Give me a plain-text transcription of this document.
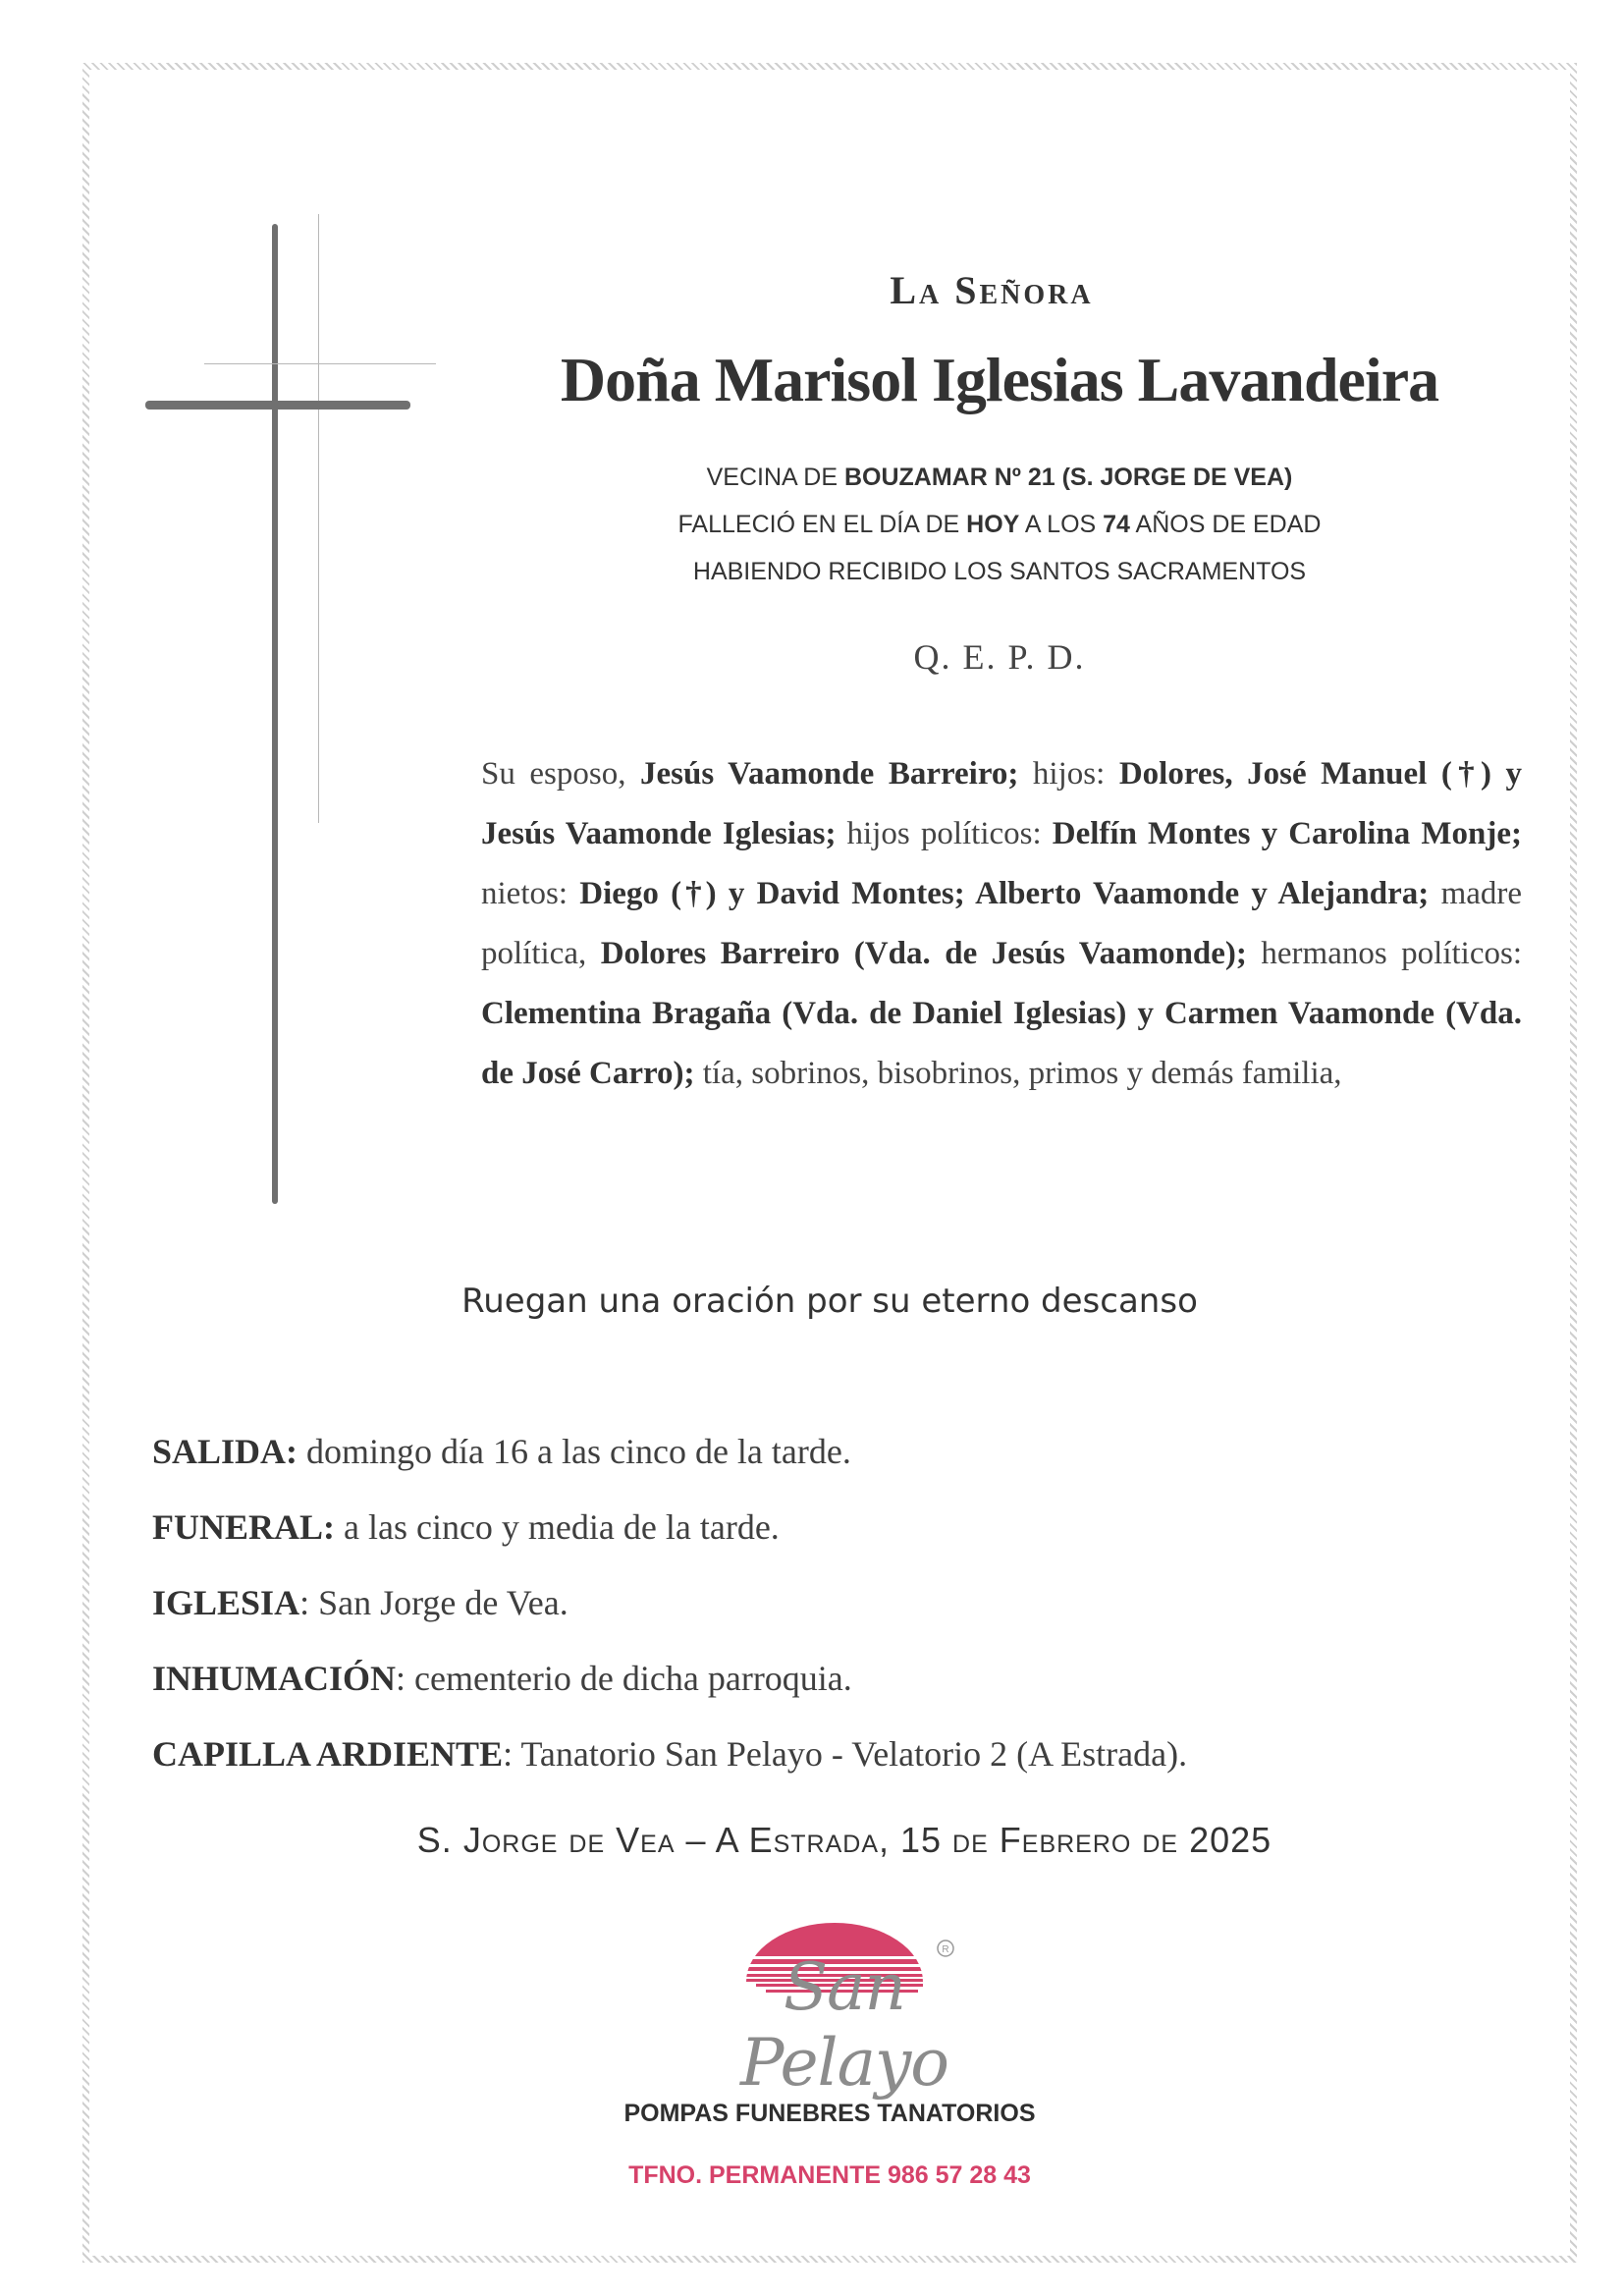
La Señora
Doña Marisol Iglesias Lavandeira
VECINA DE BOUZAMAR Nº 21 (S. JORGE DE VEA)
FALLECIÓ EN EL DÍA DE HOY A LOS 74 AÑOS DE EDAD
HABIENDO RECIBIDO LOS SANTOS SACRAMENTOS
Q. E. P. D.
Su esposo, Jesús Vaamonde Barreiro; hijos: Dolores, José Manuel (†) y Jesús Vaamonde Iglesias; hijos políticos: Delfín Montes y Carolina Monje; nietos: Diego (†) y David Montes; Alberto Vaamonde y Alejandra; madre política, Dolores Barreiro (Vda. de Jesús Vaamonde); hermanos políticos: Clementina Bragaña (Vda. de Daniel Iglesias) y Carmen Vaamonde (Vda. de José Carro); tía, sobrinos, bisobrinos, primos y demás familia,
Ruegan una oración por su eterno descanso
SALIDA: domingo día 16 a las cinco de la tarde.
FUNERAL: a las cinco y media de la tarde.
IGLESIA: San Jorge de Vea.
INHUMACIÓN: cementerio de dicha parroquia.
CAPILLA ARDIENTE: Tanatorio San Pelayo - Velatorio 2 (A Estrada).
S. Jorge de Vea – A Estrada, 15 de Febrero de 2025
R
San Pelayo
POMPAS FUNEBRES TANATORIOS
TFNO. PERMANENTE 986 57 28 43
